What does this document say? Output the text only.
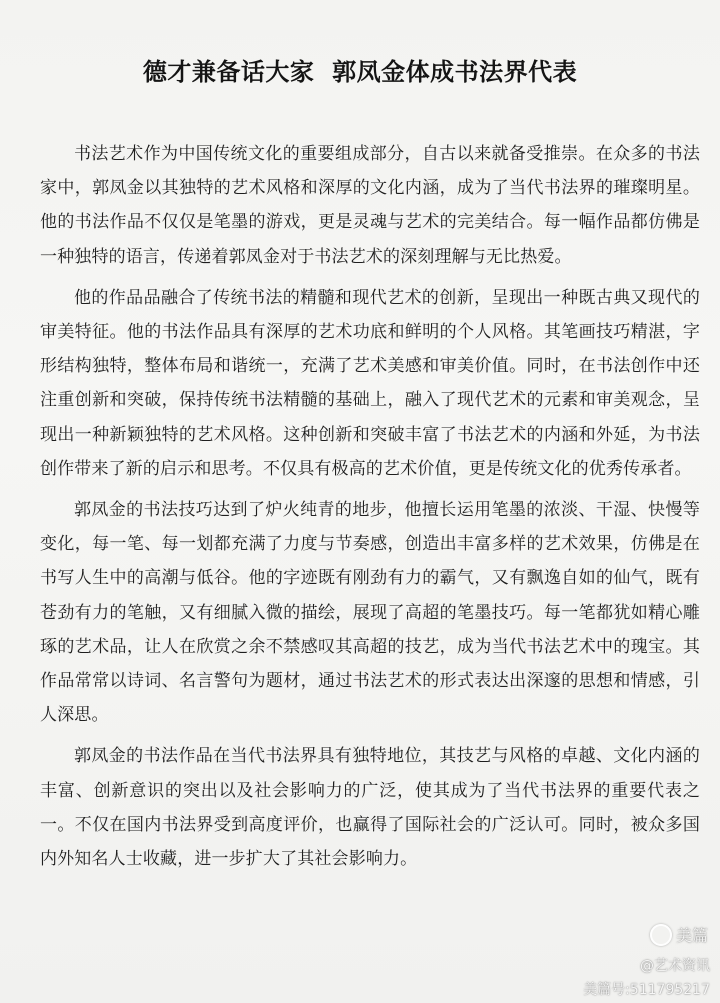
德才兼备话大家  郭凤金体成书法界代表

书法艺术作为中国传统文化的重要组成部分，自古以来就备受推崇。在众多的书法家中，郭凤金以其独特的艺术风格和深厚的文化内涵，成为了当代书法界的璀璨明星。他的书法作品不仅仅是笔墨的游戏，更是灵魂与艺术的完美结合。每一幅作品都仿佛是一种独特的语言，传递着郭凤金对于书法艺术的深刻理解与无比热爱。

他的作品品融合了传统书法的精髓和现代艺术的创新，呈现出一种既古典又现代的审美特征。他的书法作品具有深厚的艺术功底和鲜明的个人风格。其笔画技巧精湛，字形结构独特，整体布局和谐统一，充满了艺术美感和审美价值。同时，在书法创作中还注重创新和突破，保持传统书法精髓的基础上，融入了现代艺术的元素和审美观念，呈现出一种新颖独特的艺术风格。这种创新和突破丰富了书法艺术的内涵和外延，为书法创作带来了新的启示和思考。不仅具有极高的艺术价值，更是传统文化的优秀传承者。

郭凤金的书法技巧达到了炉火纯青的地步，他擅长运用笔墨的浓淡、干湿、快慢等变化，每一笔、每一划都充满了力度与节奏感，创造出丰富多样的艺术效果，仿佛是在书写人生中的高潮与低谷。他的字迹既有刚劲有力的霸气，又有飘逸自如的仙气，既有苍劲有力的笔触，又有细腻入微的描绘，展现了高超的笔墨技巧。每一笔都犹如精心雕琢的艺术品，让人在欣赏之余不禁感叹其高超的技艺，成为当代书法艺术中的瑰宝。其作品常常以诗词、名言警句为题材，通过书法艺术的形式表达出深邃的思想和情感，引人深思。

郭凤金的书法作品在当代书法界具有独特地位，其技艺与风格的卓越、文化内涵的丰富、创新意识的突出以及社会影响力的广泛，使其成为了当代书法界的重要代表之一。不仅在国内书法界受到高度评价，也赢得了国际社会的广泛认可。同时，被众多国内外知名人士收藏，进一步扩大了其社会影响力。

美篇
@艺术资讯
美篇号:511795217
